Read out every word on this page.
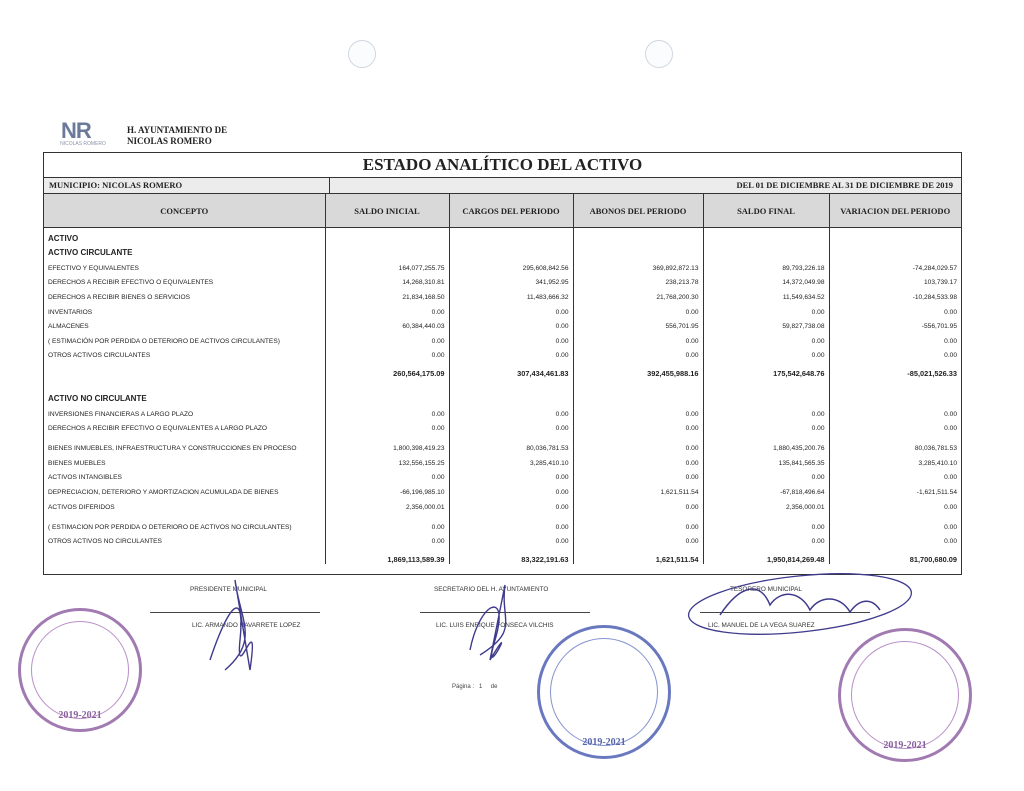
NR
NICOLAS ROMERO
H. AYUNTAMIENTO DE
NICOLAS ROMERO
ESTADO ANALÍTICO DEL ACTIVO
MUNICIPIO: NICOLAS ROMERO	DEL 01 DE DICIEMBRE AL 31 DE DICIEMBRE DE 2019
CONCEPTO	SALDO INICIAL	CARGOS DEL PERIODO	ABONOS DEL PERIODO	SALDO FINAL	VARIACION DEL PERIODO
ACTIVO					
ACTIVO CIRCULANTE					
EFECTIVO Y EQUIVALENTES	164,077,255.75	295,608,842.56	369,892,872.13	89,793,226.18	-74,284,029.57
DERECHOS A RECIBIR EFECTIVO O EQUIVALENTES	14,268,310.81	341,952.95	238,213.78	14,372,049.98	103,739.17
DERECHOS A RECIBIR BIENES O SERVICIOS	21,834,168.50	11,483,666.32	21,768,200.30	11,549,634.52	-10,284,533.98
INVENTARIOS	0.00	0.00	0.00	0.00	0.00
ALMACENES	60,384,440.03	0.00	556,701.95	59,827,738.08	-556,701.95
( ESTIMACIÓN POR PERDIDA O DETERIORO DE ACTIVOS CIRCULANTES)	0.00	0.00	0.00	0.00	0.00
OTROS ACTIVOS CIRCULANTES	0.00	0.00	0.00	0.00	0.00
	260,564,175.09	307,434,461.83	392,455,988.16	175,542,648.76	-85,021,526.33

ACTIVO NO CIRCULANTE					
INVERSIONES FINANCIERAS A LARGO PLAZO	0.00	0.00	0.00	0.00	0.00
DERECHOS A RECIBIR EFECTIVO O EQUIVALENTES A LARGO PLAZO	0.00	0.00	0.00	0.00	0.00
BIENES INMUEBLES, INFRAESTRUCTURA Y CONSTRUCCIONES EN PROCESO	1,800,398,419.23	80,036,781.53	0.00	1,880,435,200.76	80,036,781.53
BIENES MUEBLES	132,556,155.25	3,285,410.10	0.00	135,841,565.35	3,285,410.10
ACTIVOS INTANGIBLES	0.00	0.00	0.00	0.00	0.00
DEPRECIACION, DETERIORO Y AMORTIZACION ACUMULADA DE BIENES	-66,196,985.10	0.00	1,621,511.54	-67,818,496.64	-1,621,511.54
ACTIVOS DIFERIDOS	2,356,000.01	0.00	0.00	2,356,000.01	0.00
( ESTIMACION POR PERDIDA O DETERIORO DE ACTIVOS NO CIRCULANTES)	0.00	0.00	0.00	0.00	0.00
OTROS ACTIVOS NO CIRCULANTES	0.00	0.00	0.00	0.00	0.00
	1,869,113,589.39	83,322,191.63	1,621,511.54	1,950,814,269.48	81,700,680.09
PRESIDENTE MUNICIPAL
LIC. ARMANDO NAVARRETE LOPEZ
SECRETARIO DEL H. AYUNTAMIENTO
LIC. LUIS ENRIQUE FONSECA VILCHIS
TESORERO MUNICIPAL
LIC. MANUEL DE LA VEGA SUAREZ
2019-2021
2019-2021	2019-2021
Página : 1 de
